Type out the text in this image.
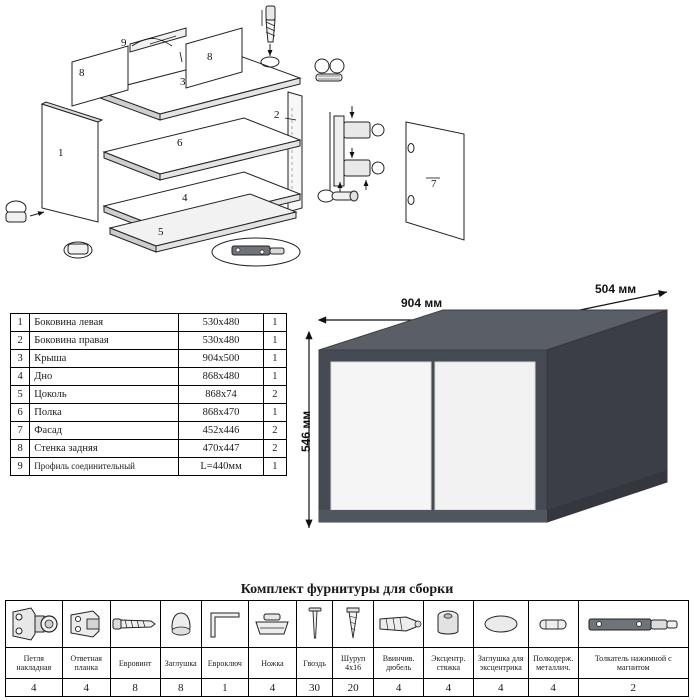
1
2
3
4
5
6
7
8
8
9
1	Боковина левая	530х480	1
2	Боковина правая	530х480	1
3	Крыша	904х500	1
4	Дно	868х480	1
5	Цоколь	868х74	2
6	Полка	868х470	1
7	Фасад	452х446	2
8	Стенка задняя	470х447	2
9	Профиль соединительный	L=440мм	1
904 мм
504 мм
546 мм
Комплект фурнитуры для сборки

Петля накладная	Ответная планка	Евровинт	Заглушка	Евроключ	Ножка	Гвоздь	Шуруп 4х16	Ввинчив. дюбель	Эксцентр. стяжка	Заглушка для эксцентрика	Полкодерж. металлич.	Толкатель нажимной с магнитом
4	4	8	8	1	4	30	20	4	4	4	4	2
